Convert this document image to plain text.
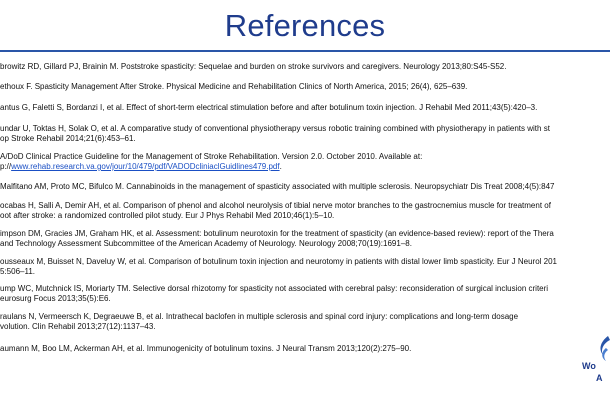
References
browitz RD, Gillard PJ, Brainin M. Poststroke spasticity: Sequelae and burden on stroke survivors and caregivers. Neurology 2013;80:S45-S52.
ethoux F. Spasticity Management After Stroke. Physical Medicine and Rehabilitation Clinics of North America, 2015; 26(4), 625–639.
antus G, Faletti S, Bordanzi I, et al. Effect of short-term electrical stimulation before and after botulinum toxin injection. J Rehabil Med 2011;43(5):420–3.
undar U, Toktas H, Solak O, et al. A comparative study of conventional physiotherapy versus robotic training combined with physiotherapy in patients with st
op Stroke Rehabil 2014;21(6):453–61.
A/DoD Clinical Practice Guideline for the Management of Stroke Rehabilitation. Version 2.0. October 2010. Available at:
p://www.rehab.research.va.gov/jour/10/479/pdf/VADODcliniaclGuidlines479.pdf.
Malfitano AM, Proto MC, Bifulco M. Cannabinoids in the management of spasticity associated with multiple sclerosis. Neuropsychiatr Dis Treat 2008;4(5):847
ocabas H, Salli A, Demir AH, et al. Comparison of phenol and alcohol neurolysis of tibial nerve motor branches to the gastrocnemius muscle for treatment of
oot after stroke: a randomized controlled pilot study. Eur J Phys Rehabil Med 2010;46(1):5–10.
impson DM, Gracies JM, Graham HK, et al. Assessment: botulinum neurotoxin for the treatment of spasticity (an evidence-based review): report of the Thera
and Technology Assessment Subcommittee of the American Academy of Neurology. Neurology 2008;70(19):1691–8.
ousseaux M, Buisset N, Daveluy W, et al. Comparison of botulinum toxin injection and neurotomy in patients with distal lower limb spasticity. Eur J Neurol 201
5:506–11.
ump WC, Mutchnick IS, Moriarty TM. Selective dorsal rhizotomy for spasticity not associated with cerebral palsy: reconsideration of surgical inclusion criteri
eurosurg Focus 2013;35(5):E6.
raulans N, Vermeersch K, Degraeuwe B, et al. Intrathecal baclofen in multiple sclerosis and spinal cord injury: complications and long-term dosage
volution. Clin Rehabil 2013;27(12):1137–43.
aumann M, Boo LM, Ackerman AH, et al. Immunogenicity of botulinum toxins. J Neural Transm 2013;120(2):275–90.
Wo
A
